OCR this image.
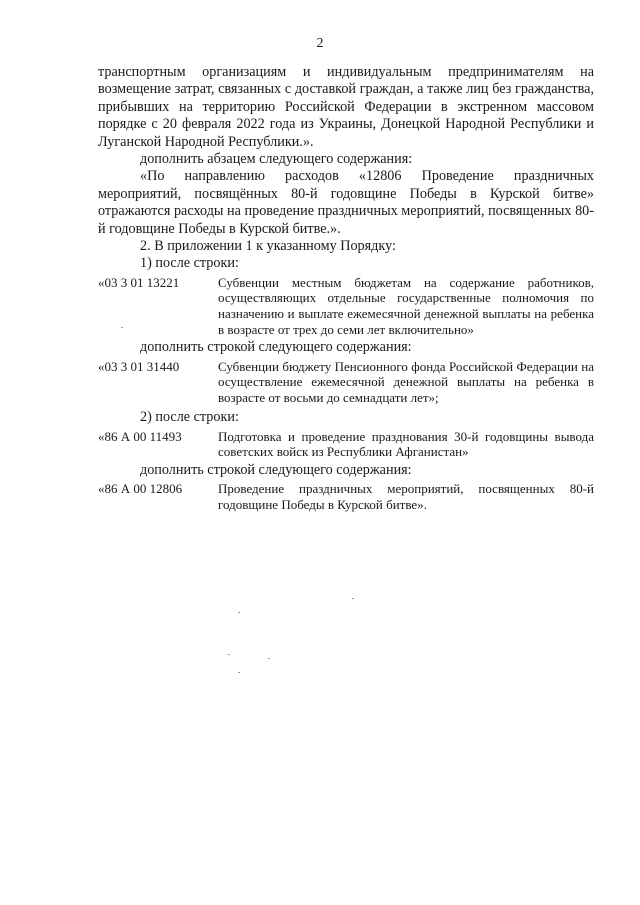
2

транспортным организациям и индивидуальным предпринимателям на возмещение затрат, связанных с доставкой граждан, а также лиц без гражданства, прибывших на территорию Российской Федерации в экстренном массовом порядке с 20 февраля 2022 года из Украины, Донецкой Народной Республики и Луганской Народной Республики.».

дополнить абзацем следующего содержания:

«По направлению расходов «12806 Проведение праздничных мероприятий, посвящённых 80-й годовщине Победы в Курской битве» отражаются расходы на проведение праздничных мероприятий, посвященных 80-й годовщине Победы в Курской битве.».

2. В приложении 1 к указанному Порядку:

1) после строки:

«03 3 01 13221	Субвенции местным бюджетам на содержание работников, осуществляющих отдельные государственные полномочия по назначению и выплате ежемесячной денежной выплаты на ребенка в возрасте от трех до семи лет включительно»

дополнить строкой следующего содержания:

«03 3 01 31440	Субвенции бюджету Пенсионного фонда Российской Федерации на осуществление ежемесячной денежной выплаты на ребенка в возрасте от восьми до семнадцати лет»;

2) после строки:

«86 А 00 11493	Подготовка и проведение празднования 30-й годовщины вывода советских войск из Республики Афганистан»

дополнить строкой следующего содержания:

«86 А 00 12806	Проведение праздничных мероприятий, посвященных 80-й годовщине Победы в Курской битве».
